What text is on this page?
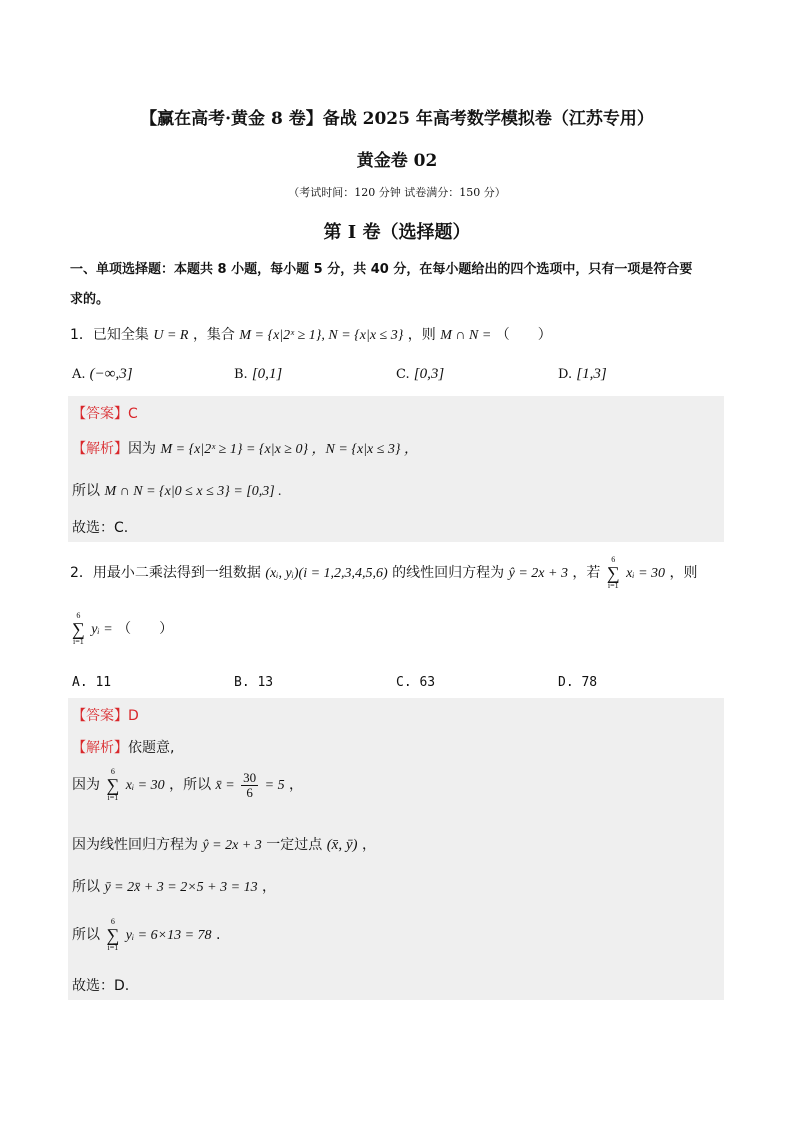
【赢在高考·黄金 8 卷】备战 2025 年高考数学模拟卷（江苏专用）
黄金卷 02
（考试时间：120 分钟 试卷满分：150 分）
第 I 卷（选择题）
一、单项选择题：本题共 8 小题，每小题 5 分，共 40 分，在每小题给出的四个选项中，只有一项是符合要
求的。
1．已知全集 U = R ，集合 M = {x|2ˣ ≥ 1}, N = {x|x ≤ 3} ，则 M ∩ N = （　　）
A. (−∞,3]	B. [0,1]	C. [0,3]	D. [1,3]
【答案】C
【解析】因为 M = {x|2ˣ ≥ 1} = {x|x ≥ 0} ，N = {x|x ≤ 3} ，
所以 M ∩ N = {x|0 ≤ x ≤ 3} = [0,3] .
故选：C.
2．用最小二乘法得到一组数据 (xᵢ, yᵢ)(i = 1,2,3,4,5,6) 的线性回归方程为 ŷ = 2x + 3 ，若
6
∑
i=1
xᵢ = 30 ，则
6
∑
i=1
yᵢ = （　　）
A. 11	B. 13	C. 63	D. 78
【答案】D
【解析】依题意,
因为
6
∑
i=1
xᵢ = 30 ，所以 x̄ = $\frac{30}{6} = 5$ ，
因为线性回归方程为 ŷ = 2x + 3 一定过点 (x̄, ȳ) ，
所以 ȳ = 2x̄ + 3 = 2×5 + 3 = 13 ，
所以
6
∑
i=1
yᵢ = 6×13 = 78 .
故选：D.
